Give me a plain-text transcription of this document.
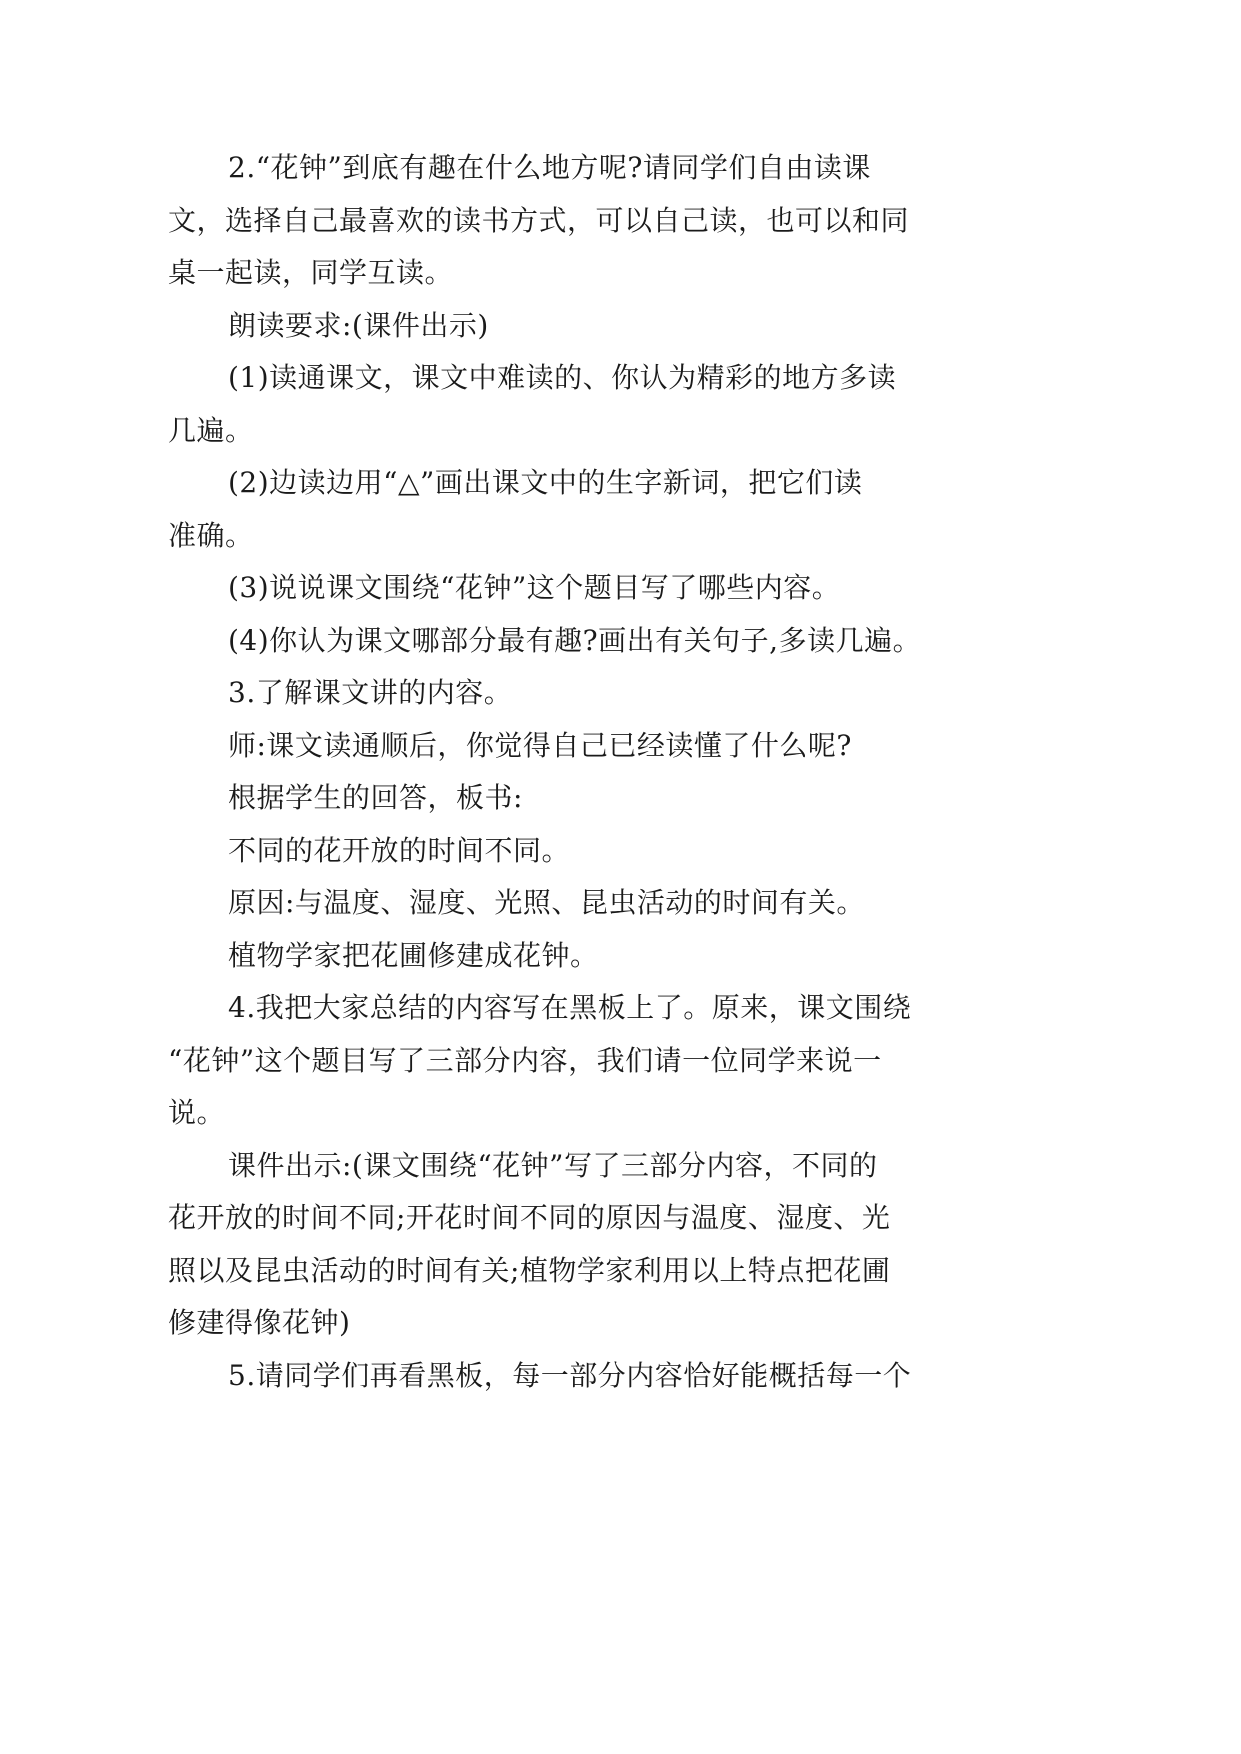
2.“花钟”到底有趣在什么地方呢?请同学们自由读课
文，选择自己最喜欢的读书方式，可以自己读，也可以和同
桌一起读，同学互读。

朗读要求:(课件出示)

(1)读通课文，课文中难读的、你认为精彩的地方多读
几遍。

(2)边读边用“△”画出课文中的生字新词，把它们读
准确。

(3)说说课文围绕“花钟”这个题目写了哪些内容。

(4)你认为课文哪部分最有趣?画出有关句子,多读几遍。

3.了解课文讲的内容。

师:课文读通顺后，你觉得自己已经读懂了什么呢?

根据学生的回答，板书:

不同的花开放的时间不同。

原因:与温度、湿度、光照、昆虫活动的时间有关。

植物学家把花圃修建成花钟。

4.我把大家总结的内容写在黑板上了。原来，课文围绕
“花钟”这个题目写了三部分内容，我们请一位同学来说一
说。

课件出示:(课文围绕“花钟”写了三部分内容，不同的
花开放的时间不同;开花时间不同的原因与温度、湿度、光
照以及昆虫活动的时间有关;植物学家利用以上特点把花圃
修建得像花钟)

5.请同学们再看黑板，每一部分内容恰好能概括每一个
